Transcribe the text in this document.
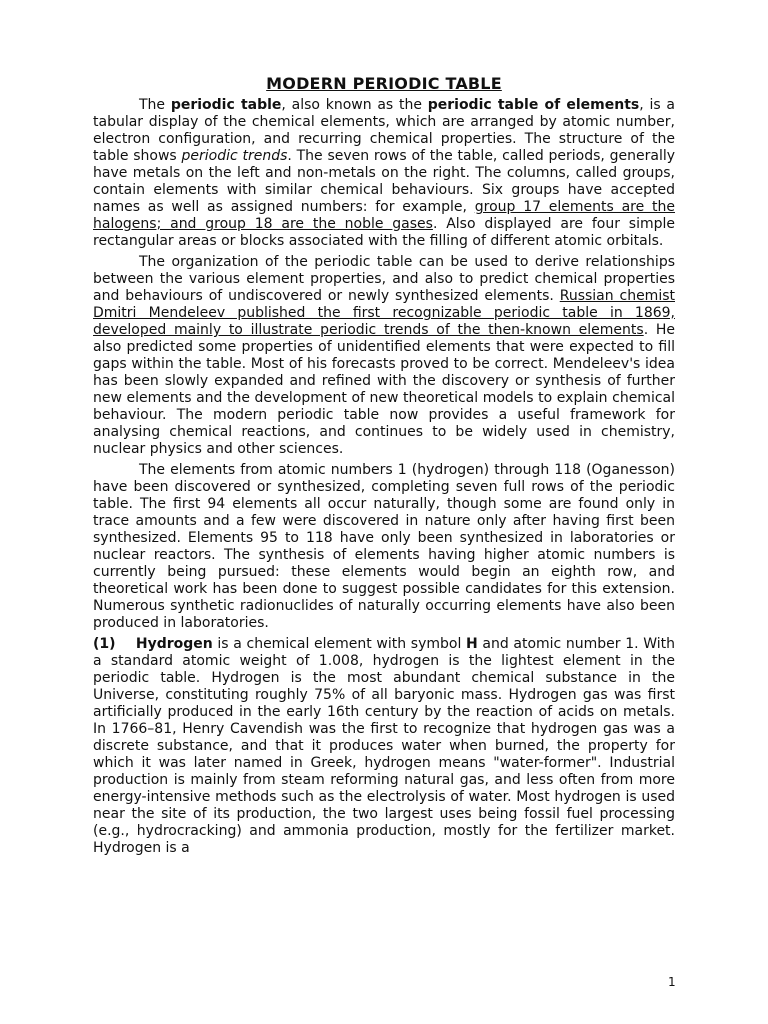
MODERN PERIODIC TABLE

The periodic table, also known as the periodic table of elements, is a tabular display of the chemical elements, which are arranged by atomic number, electron configuration, and recurring chemical properties. The structure of the table shows periodic trends. The seven rows of the table, called periods, generally have metals on the left and non-metals on the right. The columns, called groups, contain elements with similar chemical behaviours. Six groups have accepted names as well as assigned numbers: for example, group 17 elements are the halogens; and group 18 are the noble gases. Also displayed are four simple rectangular areas or blocks associated with the filling of different atomic orbitals.

The organization of the periodic table can be used to derive relationships between the various element properties, and also to predict chemical properties and behaviours of undiscovered or newly synthesized elements. Russian chemist Dmitri Mendeleev published the first recognizable periodic table in 1869, developed mainly to illustrate periodic trends of the then-known elements. He also predicted some properties of unidentified elements that were expected to fill gaps within the table. Most of his forecasts proved to be correct. Mendeleev's idea has been slowly expanded and refined with the discovery or synthesis of further new elements and the development of new theoretical models to explain chemical behaviour. The modern periodic table now provides a useful framework for analysing chemical reactions, and continues to be widely used in chemistry, nuclear physics and other sciences.

The elements from atomic numbers 1 (hydrogen) through 118 (Oganesson) have been discovered or synthesized, completing seven full rows of the periodic table. The first 94 elements all occur naturally, though some are found only in trace amounts and a few were discovered in nature only after having first been synthesized. Elements 95 to 118 have only been synthesized in laboratories or nuclear reactors. The synthesis of elements having higher atomic numbers is currently being pursued: these elements would begin an eighth row, and theoretical work has been done to suggest possible candidates for this extension. Numerous synthetic radionuclides of naturally occurring elements have also been produced in laboratories.

(1)    Hydrogen is a chemical element with symbol H and atomic number 1. With a standard atomic weight of 1.008, hydrogen is the lightest element in the periodic table. Hydrogen is the most abundant chemical substance in the Universe, constituting roughly 75% of all baryonic mass. Hydrogen gas was first artificially produced in the early 16th century by the reaction of acids on metals. In 1766–81, Henry Cavendish was the first to recognize that hydrogen gas was a discrete substance, and that it produces water when burned, the property for which it was later named in Greek, hydrogen means "water-former". Industrial production is mainly from steam reforming natural gas, and less often from more energy-intensive methods such as the electrolysis of water. Most hydrogen is used near the site of its production, the two largest uses being fossil fuel processing (e.g., hydrocracking) and ammonia production, mostly for the fertilizer market. Hydrogen is a

1
